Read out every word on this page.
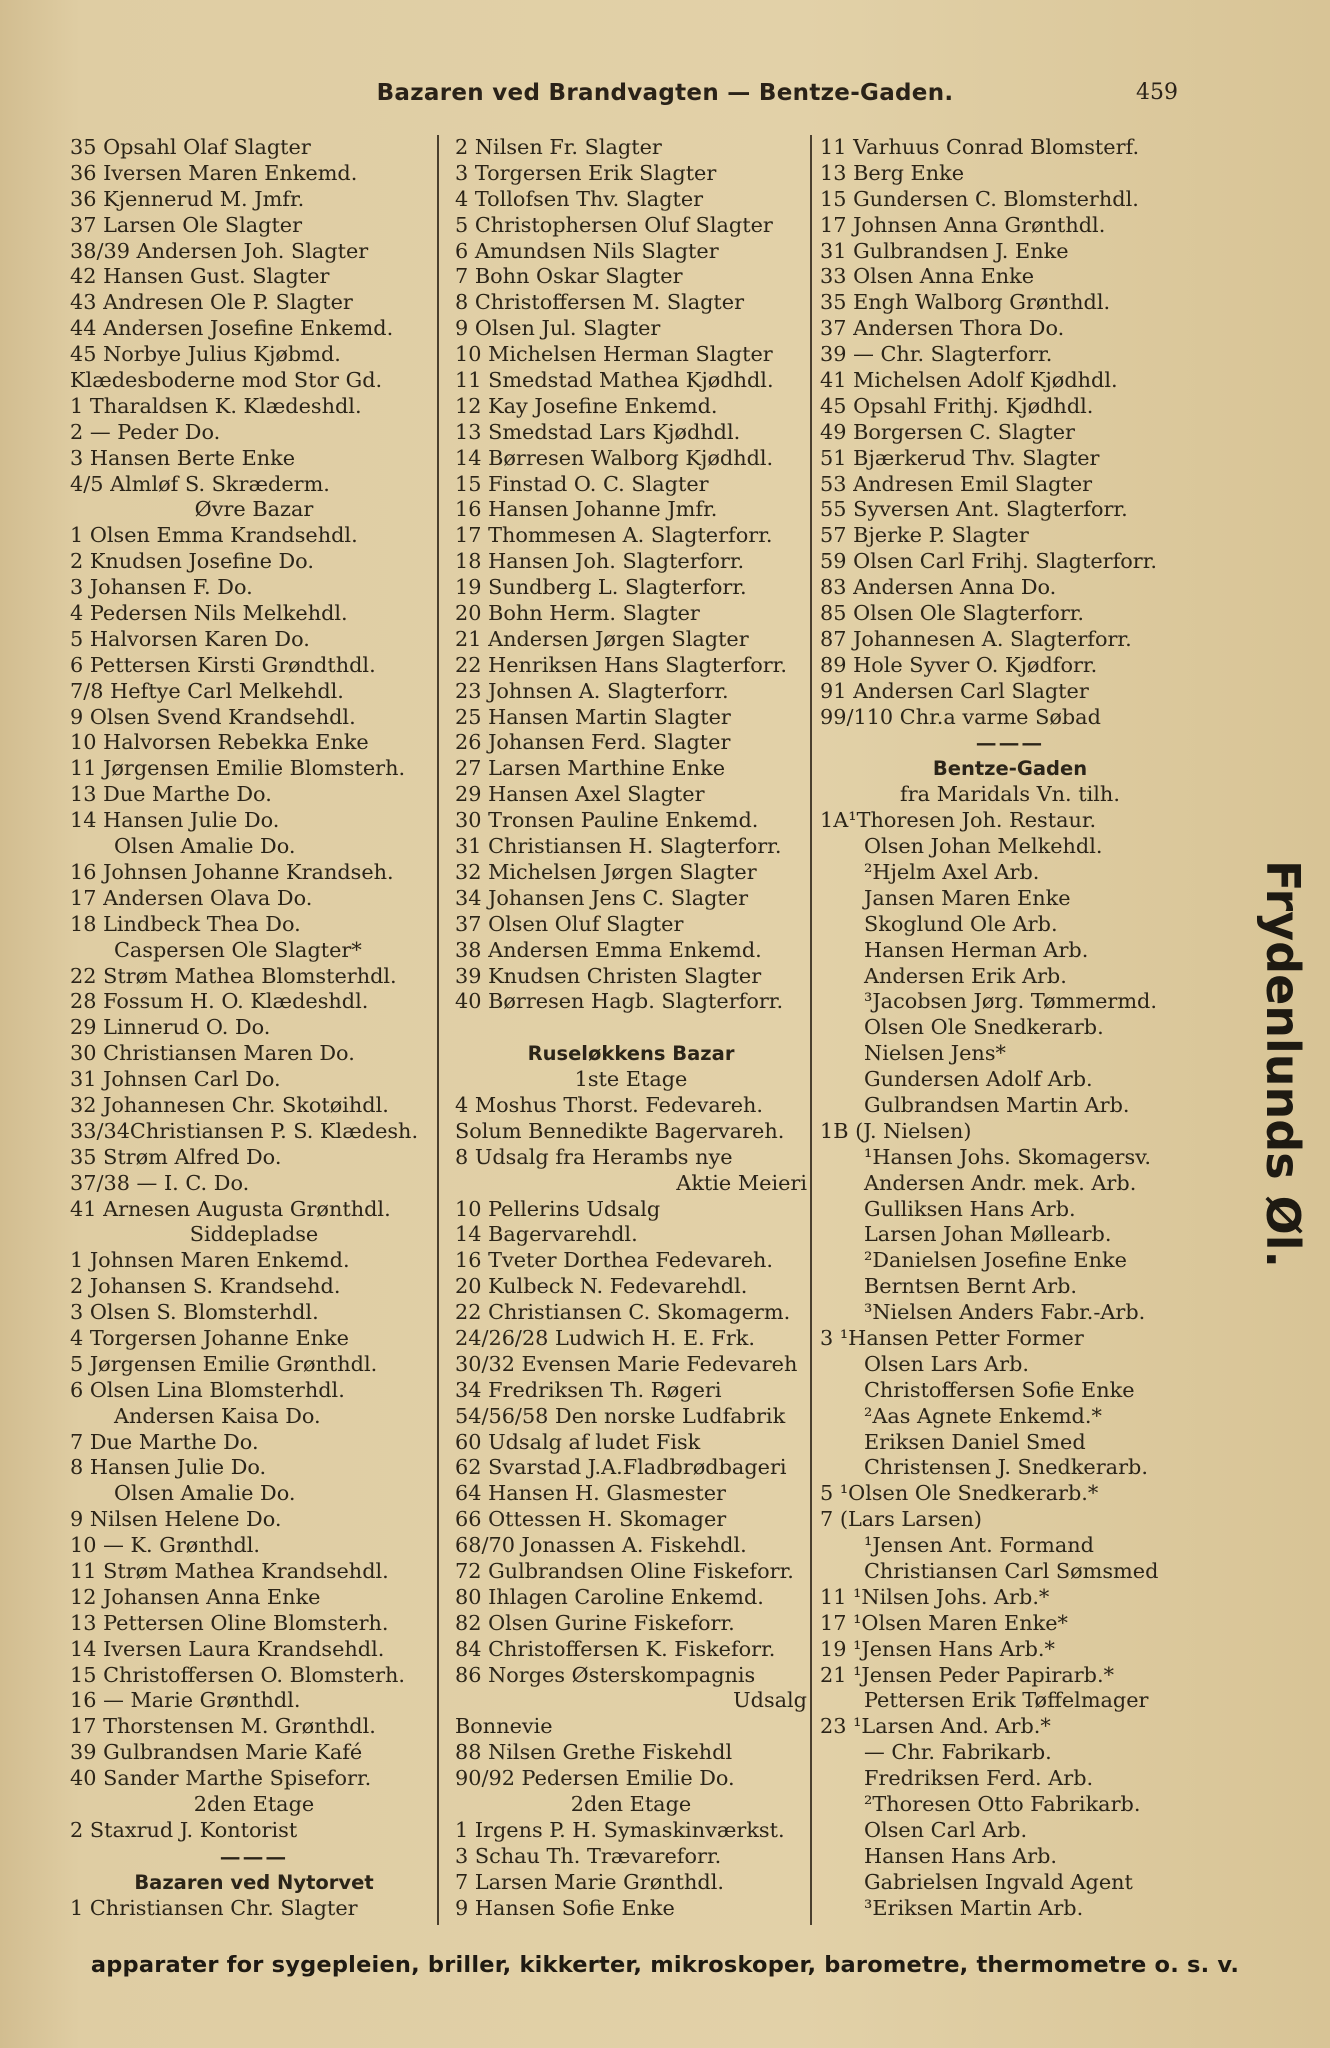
Bazaren ved Brandvagten — Bentze-Gaden.	459
35 Opsahl Olaf Slagter
36 Iversen Maren Enkemd.
36 Kjennerud M. Jmfr.
37 Larsen Ole Slagter
38/39 Andersen Joh. Slagter
42 Hansen Gust. Slagter
43 Andresen Ole P. Slagter
44 Andersen Josefine Enkemd.
45 Norbye Julius Kjøbmd.
Klædesboderne mod Stor Gd.
1 Tharaldsen K. Klædeshdl.
2 — Peder Do.
3 Hansen Berte Enke
4/5 Almløf S. Skræderm.
Øvre Bazar
1 Olsen Emma Krandsehdl.
2 Knudsen Josefine Do.
3 Johansen F. Do.
4 Pedersen Nils Melkehdl.
5 Halvorsen Karen Do.
6 Pettersen Kirsti Grøndthdl.
7/8 Heftye Carl Melkehdl.
9 Olsen Svend Krandsehdl.
10 Halvorsen Rebekka Enke
11 Jørgensen Emilie Blomsterh.
13 Due Marthe Do.
14 Hansen Julie Do.
Olsen Amalie Do.
16 Johnsen Johanne Krandseh.
17 Andersen Olava Do.
18 Lindbeck Thea Do.
Caspersen Ole Slagter*
22 Strøm Mathea Blomsterhdl.
28 Fossum H. O. Klædeshdl.
29 Linnerud O. Do.
30 Christiansen Maren Do.
31 Johnsen Carl Do.
32 Johannesen Chr. Skotøihdl.
33/34Christiansen P. S. Klædesh.
35 Strøm Alfred Do.
37/38 — I. C. Do.
41 Arnesen Augusta Grønthdl.
Siddepladse
1 Johnsen Maren Enkemd.
2 Johansen S. Krandsehd.
3 Olsen S. Blomsterhdl.
4 Torgersen Johanne Enke
5 Jørgensen Emilie Grønthdl.
6 Olsen Lina Blomsterhdl.
Andersen Kaisa Do.
7 Due Marthe Do.
8 Hansen Julie Do.
Olsen Amalie Do.
9 Nilsen Helene Do.
10 — K. Grønthdl.
11 Strøm Mathea Krandsehdl.
12 Johansen Anna Enke
13 Pettersen Oline Blomsterh.
14 Iversen Laura Krandsehdl.
15 Christoffersen O. Blomsterh.
16 — Marie Grønthdl.
17 Thorstensen M. Grønthdl.
39 Gulbrandsen Marie Kafé
40 Sander Marthe Spiseforr.
2den Etage
2 Staxrud J. Kontorist
———
Bazaren ved Nytorvet
1 Christiansen Chr. Slagter
2 Nilsen Fr. Slagter
3 Torgersen Erik Slagter
4 Tollofsen Thv. Slagter
5 Christophersen Oluf Slagter
6 Amundsen Nils Slagter
7 Bohn Oskar Slagter
8 Christoffersen M. Slagter
9 Olsen Jul. Slagter
10 Michelsen Herman Slagter
11 Smedstad Mathea Kjødhdl.
12 Kay Josefine Enkemd.
13 Smedstad Lars Kjødhdl.
14 Børresen Walborg Kjødhdl.
15 Finstad O. C. Slagter
16 Hansen Johanne Jmfr.
17 Thommesen A. Slagterforr.
18 Hansen Joh. Slagterforr.
19 Sundberg L. Slagterforr.
20 Bohn Herm. Slagter
21 Andersen Jørgen Slagter
22 Henriksen Hans Slagterforr.
23 Johnsen A. Slagterforr.
25 Hansen Martin Slagter
26 Johansen Ferd. Slagter
27 Larsen Marthine Enke
29 Hansen Axel Slagter
30 Tronsen Pauline Enkemd.
31 Christiansen H. Slagterforr.
32 Michelsen Jørgen Slagter
34 Johansen Jens C. Slagter
37 Olsen Oluf Slagter
38 Andersen Emma Enkemd.
39 Knudsen Christen Slagter
40 Børresen Hagb. Slagterforr.
Ruseløkkens Bazar
1ste Etage
4 Moshus Thorst. Fedevareh.
Solum Bennedikte Bagervareh.
8 Udsalg fra Herambs nye
Aktie Meieri
10 Pellerins Udsalg
14 Bagervarehdl.
16 Tveter Dorthea Fedevareh.
20 Kulbeck N. Fedevarehdl.
22 Christiansen C. Skomagerm.
24/26/28 Ludwich H. E. Frk.
30/32 Evensen Marie Fedevareh
34 Fredriksen Th. Røgeri
54/56/58 Den norske Ludfabrik
60 Udsalg af ludet Fisk
62 Svarstad J.A.Fladbrødbageri
64 Hansen H. Glasmester
66 Ottessen H. Skomager
68/70 Jonassen A. Fiskehdl.
72 Gulbrandsen Oline Fiskeforr.
80 Ihlagen Caroline Enkemd.
82 Olsen Gurine Fiskeforr.
84 Christoffersen K. Fiskeforr.
86 Norges Østerskompagnis
Udsalg
Bonnevie
88 Nilsen Grethe Fiskehdl
90/92 Pedersen Emilie Do.
2den Etage
1 Irgens P. H. Symaskinværkst.
3 Schau Th. Trævareforr.
7 Larsen Marie Grønthdl.
9 Hansen Sofie Enke
11 Varhuus Conrad Blomsterf.
13 Berg Enke
15 Gundersen C. Blomsterhdl.
17 Johnsen Anna Grønthdl.
31 Gulbrandsen J. Enke
33 Olsen Anna Enke
35 Engh Walborg Grønthdl.
37 Andersen Thora Do.
39 — Chr. Slagterforr.
41 Michelsen Adolf Kjødhdl.
45 Opsahl Frithj. Kjødhdl.
49 Borgersen C. Slagter
51 Bjærkerud Thv. Slagter
53 Andresen Emil Slagter
55 Syversen Ant. Slagterforr.
57 Bjerke P. Slagter
59 Olsen Carl Frihj. Slagterforr.
83 Andersen Anna Do.
85 Olsen Ole Slagterforr.
87 Johannesen A. Slagterforr.
89 Hole Syver O. Kjødforr.
91 Andersen Carl Slagter
99/110 Chr.a varme Søbad
———
Bentze-Gaden
fra Maridals Vn. tilh.
1A¹Thoresen Joh. Restaur.
Olsen Johan Melkehdl.
²Hjelm Axel Arb.
Jansen Maren Enke
Skoglund Ole Arb.
Hansen Herman Arb.
Andersen Erik Arb.
³Jacobsen Jørg. Tømmermd.
Olsen Ole Snedkerarb.
Nielsen Jens*
Gundersen Adolf Arb.
Gulbrandsen Martin Arb.
1B (J. Nielsen)
¹Hansen Johs. Skomagersv.
Andersen Andr. mek. Arb.
Gulliksen Hans Arb.
Larsen Johan Møllearb.
²Danielsen Josefine Enke
Berntsen Bernt Arb.
³Nielsen Anders Fabr.-Arb.
3 ¹Hansen Petter Former
Olsen Lars Arb.
Christoffersen Sofie Enke
²Aas Agnete Enkemd.*
Eriksen Daniel Smed
Christensen J. Snedkerarb.
5 ¹Olsen Ole Snedkerarb.*
7 (Lars Larsen)
¹Jensen Ant. Formand
Christiansen Carl Sømsmed
11 ¹Nilsen Johs. Arb.*
17 ¹Olsen Maren Enke*
19 ¹Jensen Hans Arb.*
21 ¹Jensen Peder Papirarb.*
Pettersen Erik Tøffelmager
23 ¹Larsen And. Arb.*
— Chr. Fabrikarb.
Fredriksen Ferd. Arb.
²Thoresen Otto Fabrikarb.
Olsen Carl Arb.
Hansen Hans Arb.
Gabrielsen Ingvald Agent
³Eriksen Martin Arb.
Frydenlunds Øl.
apparater for sygepleien, briller, kikkerter, mikroskoper, barometre, thermometre o. s. v.
